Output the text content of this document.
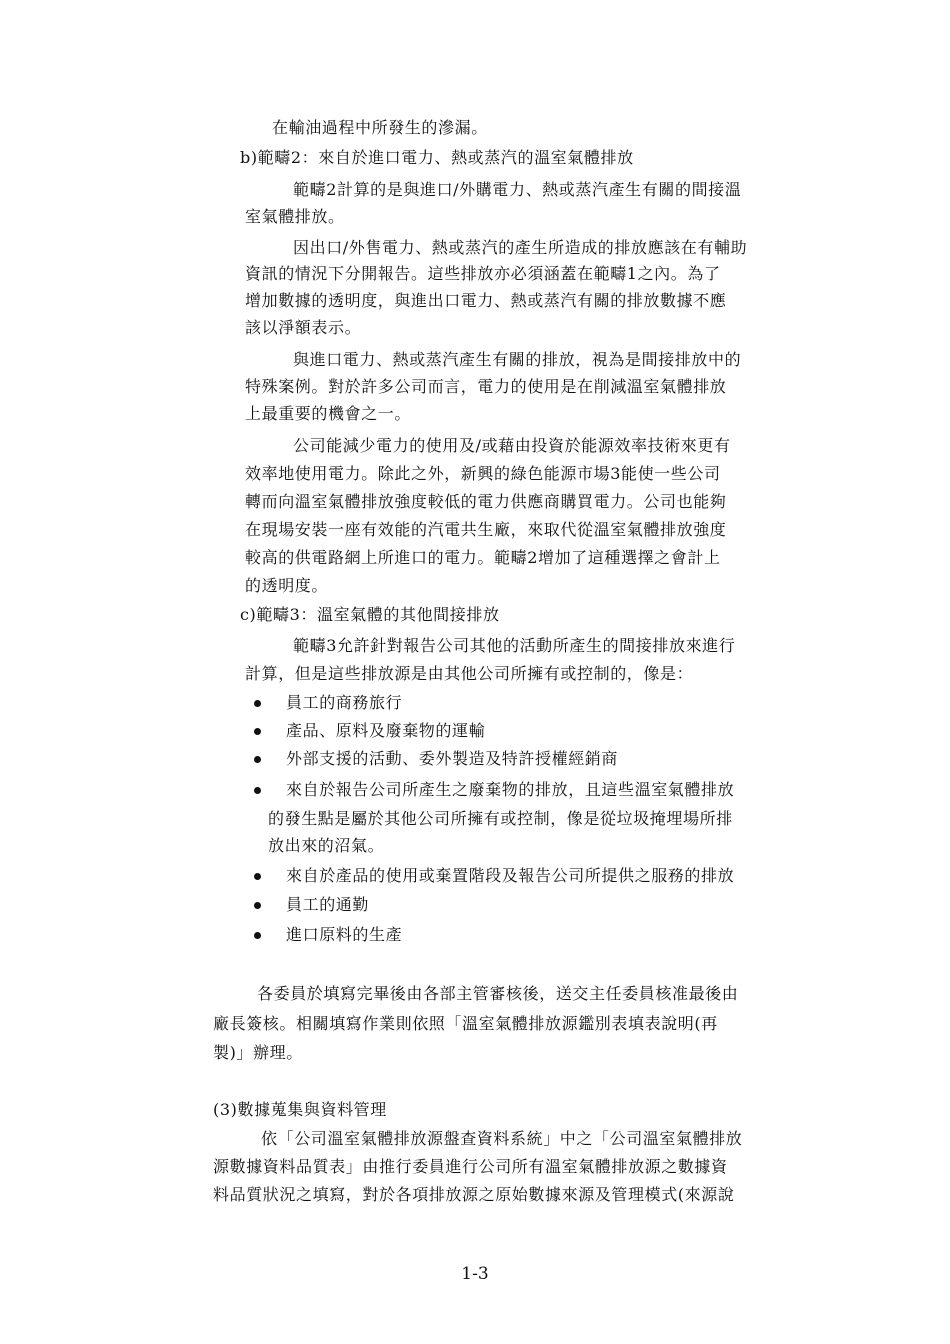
在輸油過程中所發生的滲漏。
b)範疇2：來自於進口電力、熱或蒸汽的溫室氣體排放
範疇2計算的是與進口/外購電力、熱或蒸汽產生有關的間接溫
室氣體排放。
因出口/外售電力、熱或蒸汽的產生所造成的排放應該在有輔助
資訊的情況下分開報告。這些排放亦必須涵蓋在範疇1之內。為了
增加數據的透明度，與進出口電力、熱或蒸汽有關的排放數據不應
該以淨額表示。
與進口電力、熱或蒸汽產生有關的排放，視為是間接排放中的
特殊案例。對於許多公司而言，電力的使用是在削減溫室氣體排放
上最重要的機會之一。
公司能減少電力的使用及/或藉由投資於能源效率技術來更有
效率地使用電力。除此之外，新興的綠色能源市場3能使一些公司
轉而向溫室氣體排放強度較低的電力供應商購買電力。公司也能夠
在現場安裝一座有效能的汽電共生廠，來取代從溫室氣體排放強度
較高的供電路網上所進口的電力。範疇2增加了這種選擇之會計上
的透明度。
c)範疇3：溫室氣體的其他間接排放
範疇3允許針對報告公司其他的活動所產生的間接排放來進行
計算，但是這些排放源是由其他公司所擁有或控制的，像是：
員工的商務旅行
產品、原料及廢棄物的運輸
外部支援的活動、委外製造及特許授權經銷商
來自於報告公司所產生之廢棄物的排放，且這些溫室氣體排放
的發生點是屬於其他公司所擁有或控制，像是從垃圾掩埋場所排
放出來的沼氣。
來自於產品的使用或棄置階段及報告公司所提供之服務的排放
員工的通勤
進口原料的生產
各委員於填寫完畢後由各部主管審核後，送交主任委員核准最後由
廠長簽核。相關填寫作業則依照「溫室氣體排放源鑑別表填表說明(再
製)」辦理。
(3)數據蒐集與資料管理
依「公司溫室氣體排放源盤查資料系統」中之「公司溫室氣體排放
源數據資料品質表」由推行委員進行公司所有溫室氣體排放源之數據資
料品質狀況之填寫，對於各項排放源之原始數據來源及管理模式(來源說
1-3
